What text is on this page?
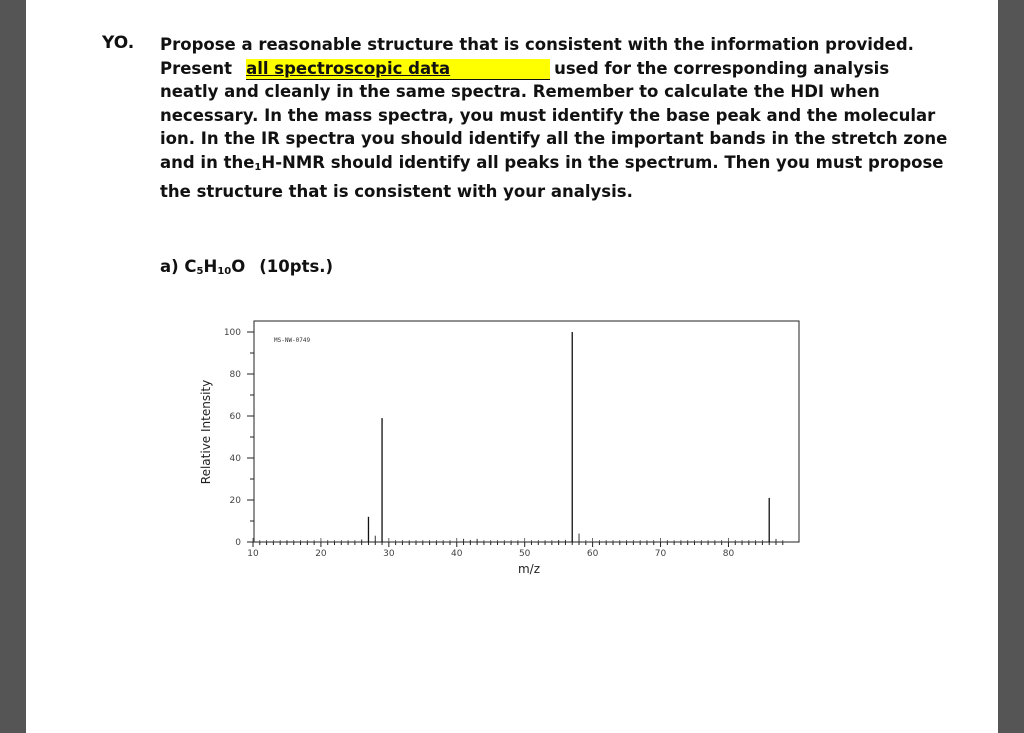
YO. Propose a reasonable structure that is consistent with the information provided.
Present all spectroscopic data	used for the corresponding analysis neatly and cleanly in the same spectra. Remember to calculate the HDI when necessary. In the mass spectra, you must identify the base peak and the molecular ion. In the IR spectra you should identify all the important bands in the stretch zone and in the$_1$H-NMR should identify all peaks in the spectrum. Then you must propose the structure that is consistent with your analysis.

a) $C_5H_{10}O$ (10pts.)
MS-NW-0749
m/z
Relative Intensity
0
20
40
60
80
100
10	20	30	40	50	60	70	80
